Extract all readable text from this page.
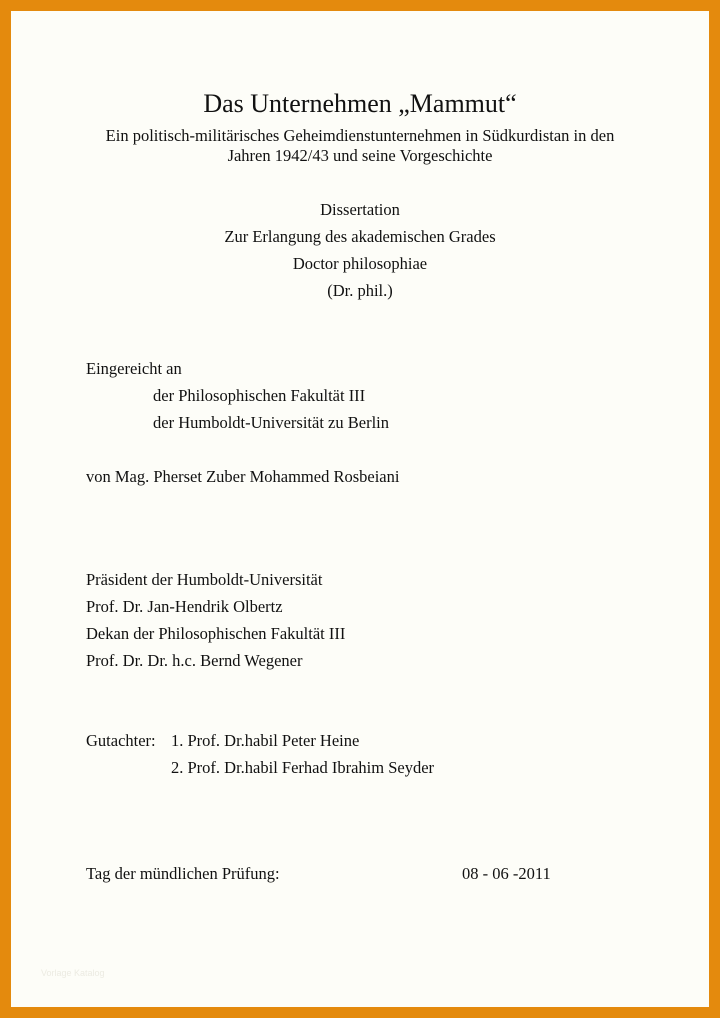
Das Unternehmen „Mammut“
Ein politisch-militärisches Geheimdienstunternehmen in Südkurdistan in den
Jahren 1942/43 und seine Vorgeschichte
Dissertation
Zur Erlangung des akademischen Grades
Doctor philosophiae
(Dr. phil.)
Eingereicht an
der Philosophischen Fakultät III
der Humboldt-Universität zu Berlin
von Mag. Pherset Zuber Mohammed Rosbeiani
Präsident der Humboldt-Universität
Prof. Dr. Jan-Hendrik Olbertz
Dekan der Philosophischen Fakultät III
Prof. Dr. Dr. h.c. Bernd Wegener
Gutachter: 1. Prof. Dr.habil Peter Heine
2. Prof. Dr.habil Ferhad Ibrahim Seyder
Tag der mündlichen Prüfung:	08 - 06 -2011
Vorlage Katalog
